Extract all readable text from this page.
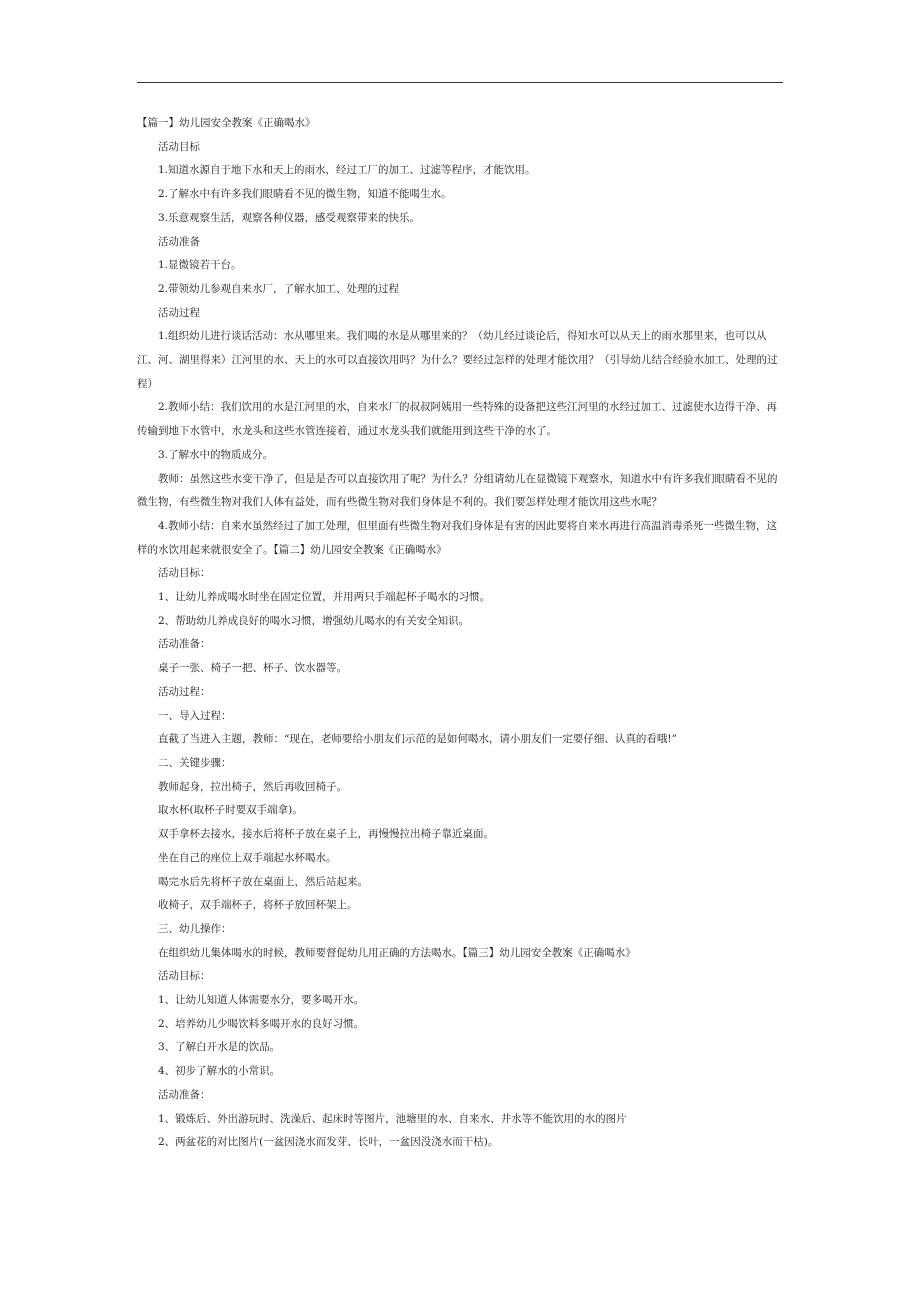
【篇一】幼儿园安全教案《正确喝水》
活动目标
1.知道水源自于地下水和天上的雨水，经过工厂的加工、过滤等程序，才能饮用。
2.了解水中有许多我们眼睛看不见的微生物，知道不能喝生水。
3.乐意观察生活，观察各种仪器，感受观察带来的快乐。
活动准备
1.显微镜若干台。
2.带领幼儿参观自来水厂，了解水加工、处理的过程
活动过程
1.组织幼儿进行谈话活动：水从哪里来。我们喝的水是从哪里来的？（幼儿经过谈论后，得知水可以从天上的雨水那里来，也可以从江、河、湖里得来）江河里的水、天上的水可以直接饮用吗？为什么？要经过怎样的处理才能饮用？（引导幼儿结合经验水加工、处理的过程）
2.教师小结：我们饮用的水是江河里的水，自来水厂的叔叔阿姨用一些特殊的设备把这些江河里的水经过加工、过滤使水边得干净、再传输到地下水管中，水龙头和这些水管连接着，通过水龙头我们就能用到这些干净的水了。
3.了解水中的物质成分。
教师：虽然这些水变干净了，但是是否可以直接饮用了呢？为什么？分组请幼儿在显微镜下观察水，知道水中有许多我们眼睛看不见的微生物，有些微生物对我们人体有益处，而有些微生物对我们身体是不利的。我们要怎样处理才能饮用这些水呢？
4.教师小结：自来水虽然经过了加工处理，但里面有些微生物对我们身体是有害的因此要将自来水再进行高温消毒杀死一些微生物，这样的水饮用起来就很安全了。【篇二】幼儿园安全教案《正确喝水》
活动目标：
1、让幼儿养成喝水时坐在固定位置，并用两只手端起杯子喝水的习惯。
2、帮助幼儿养成良好的喝水习惯，增强幼儿喝水的有关安全知识。
活动准备：
桌子一张、椅子一把、杯子、饮水器等。
活动过程：
一、导入过程：
直截了当进入主题，教师：“现在，老师要给小朋友们示范的是如何喝水，请小朋友们一定要仔细、认真的看哦!”
二、关键步骤：
教师起身，拉出椅子，然后再收回椅子。
取水杯(取杯子时要双手端拿)。
双手拿杯去接水，接水后将杯子放在桌子上，再慢慢拉出椅子靠近桌面。
坐在自己的座位上双手端起水杯喝水。
喝完水后先将杯子放在桌面上，然后站起来。
收椅子，双手端杯子，将杯子放回杯架上。
三、幼儿操作：
在组织幼儿集体喝水的时候，教师要督促幼儿用正确的方法喝水。【篇三】幼儿园安全教案《正确喝水》
活动目标：
1、让幼儿知道人体需要水分，要多喝开水。
2、培养幼儿少喝饮料多喝开水的良好习惯。
3、了解白开水是的饮品。
4、初步了解水的小常识。
活动准备：
1、锻炼后、外出游玩时、洗澡后、起床时等图片，池塘里的水、自来水、井水等不能饮用的水的图片
2、两盆花的对比图片(一盆因浇水而发芽、长叶，一盆因没浇水而干枯)。
